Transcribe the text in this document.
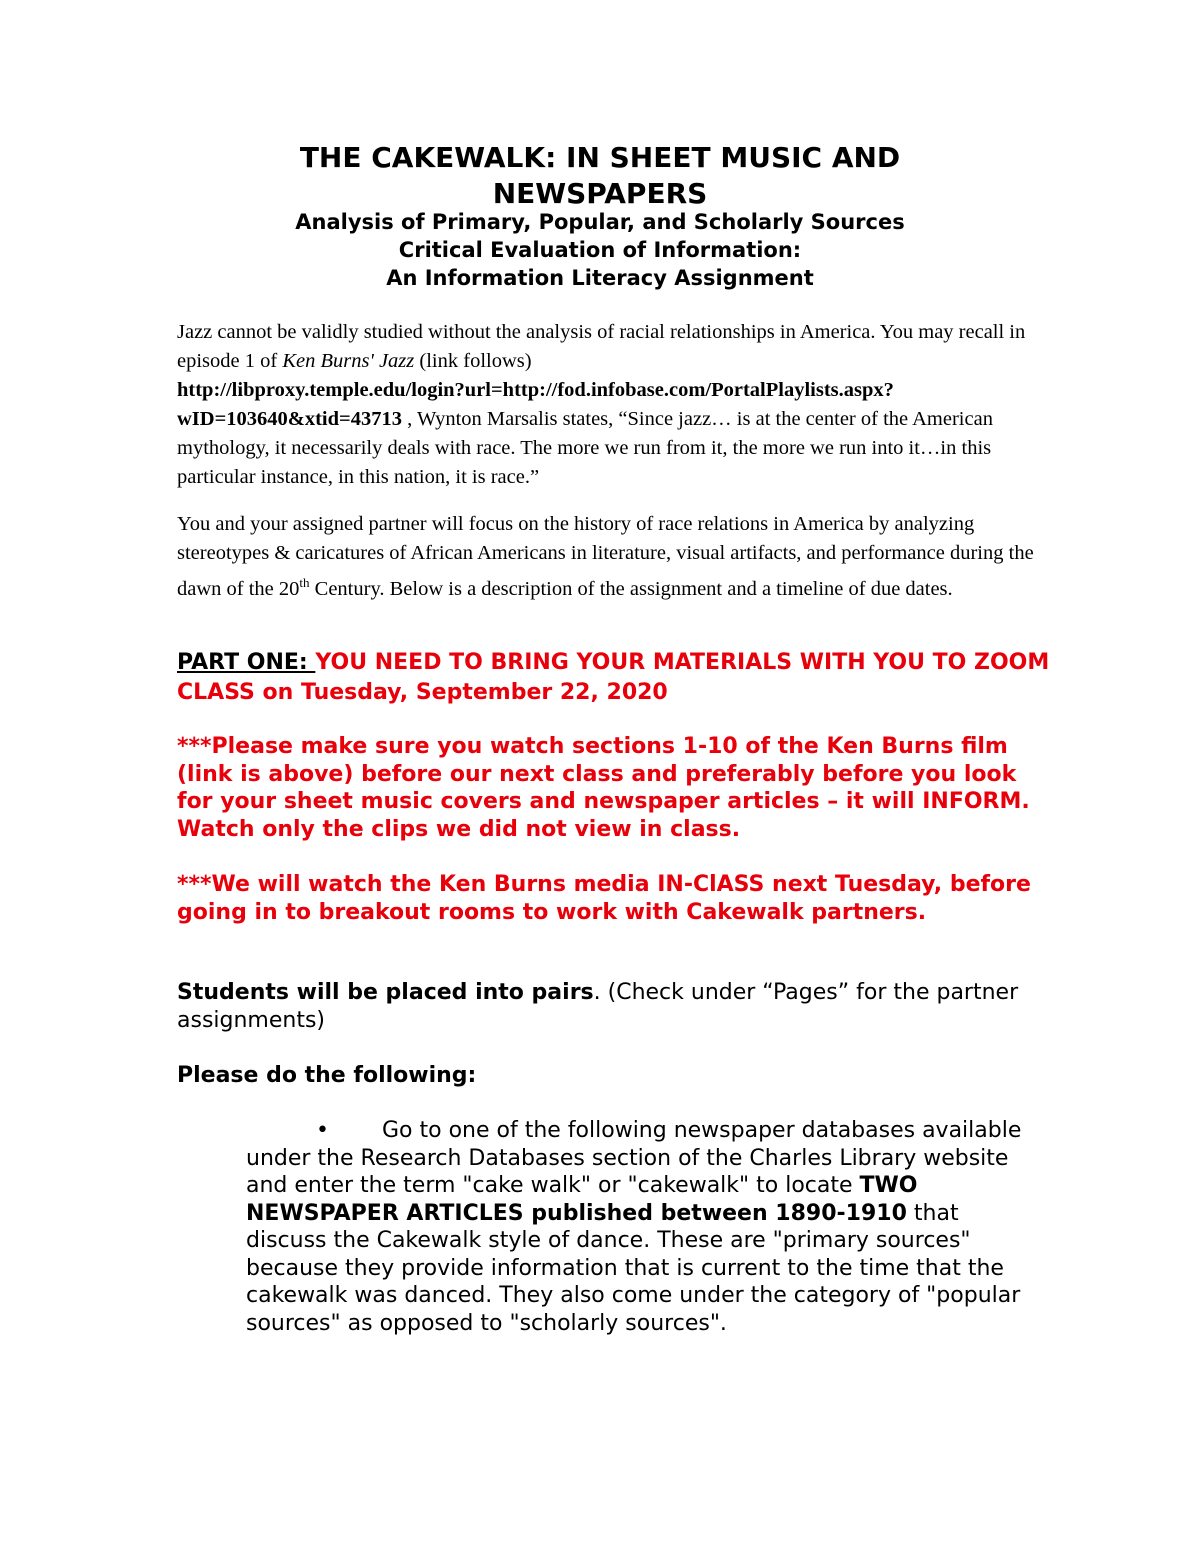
THE CAKEWALK: IN SHEET MUSIC AND
NEWSPAPERS
Analysis of Primary, Popular, and Scholarly Sources
Critical Evaluation of Information:
An Information Literacy Assignment
Jazz cannot be validly studied without the analysis of racial relationships in America. You may recall in episode 1 of Ken Burns' Jazz (link follows)
http://libproxy.temple.edu/login?url=http://fod.infobase.com/PortalPlaylists.aspx?
wID=103640&xtid=43713 , Wynton Marsalis states, “Since jazz… is at the center of the American mythology, it necessarily deals with race. The more we run from it, the more we run into it…in this particular instance, in this nation, it is race.”
You and your assigned partner will focus on the history of race relations in America by analyzing stereotypes & caricatures of African Americans in literature, visual artifacts, and performance during the dawn of the 20th Century. Below is a description of the assignment and a timeline of due dates.
PART ONE: YOU NEED TO BRING YOUR MATERIALS WITH YOU TO ZOOM CLASS on Tuesday, September 22, 2020
***Please make sure you watch sections 1-10 of the Ken Burns film (link is above) before our next class and preferably before you look for your sheet music covers and newspaper articles – it will INFORM. Watch only the clips we did not view in class.
***We will watch the Ken Burns media IN-ClASS next Tuesday, before going in to breakout rooms to work with Cakewalk partners.
Students will be placed into pairs. (Check under “Pages” for the partner assignments)
Please do the following:
• Go to one of the following newspaper databases available under the Research Databases section of the Charles Library website and enter the term "cake walk" or "cakewalk" to locate TWO NEWSPAPER ARTICLES published between 1890-1910 that discuss the Cakewalk style of dance. These are "primary sources" because they provide information that is current to the time that the cakewalk was danced. They also come under the category of "popular sources" as opposed to "scholarly sources".
